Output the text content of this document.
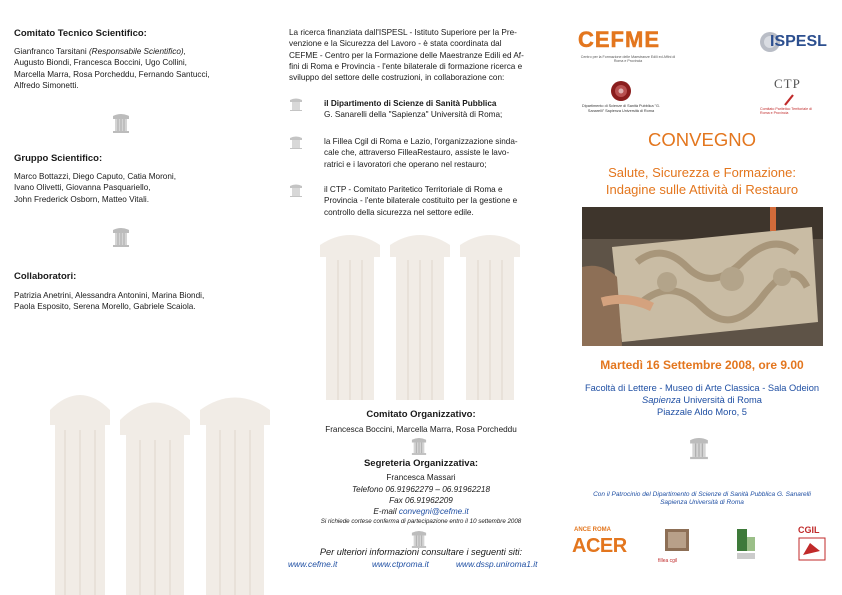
Comitato Tecnico Scientifico:
Gianfranco Tarsitani (Responsabile Scientifico),
Augusto Biondi, Francesca Boccini, Ugo Collini,
Marcella Marra, Rosa Porcheddu, Fernando Santucci,
Alfredo Simonetti.
Gruppo Scientifico:
Marco Bottazzi, Diego Caputo, Catia Moroni,
Ivano Olivetti, Giovanna Pasquariello,
John Frederick Osborn, Matteo Vitali.
Collaboratori:
Patrizia Anetrini, Alessandra Antonini, Marina Biondi,
Paola Esposito, Serena Morello, Gabriele Scaiola.
La ricerca finanziata dall'ISPESL - Istituto Superiore per la Pre-
venzione e la Sicurezza del Lavoro - è stata coordinata dal
CEFME - Centro per la Formazione delle Maestranze Edili ed Af-
fini di Roma e Provincia - l'ente bilaterale di formazione ricerca e
sviluppo del settore delle costruzioni, in collaborazione con:
il Dipartimento di Scienze di Sanità Pubblica
G. Sanarelli della "Sapienza" Università di Roma;
la Fillea Cgil di Roma e Lazio, l'organizzazione sinda-
cale che, attraverso FilleaRestauro, assiste le lavo-
ratrici e i lavoratori che operano nel restauro;
il CTP - Comitato Paritetico Territoriale di Roma e
Provincia - l'ente bilaterale costituito per la gestione e
controllo della sicurezza nel settore edile.
Comitato Organizzativo:
Francesca Boccini, Marcella Marra, Rosa Porcheddu
Segreteria Organizzativa:
Francesca Massari
Telefono 06.91962279 – 06.91962218
Fax 06.91962209
E-mail convegni@cefme.it
Si richiede cortese conferma di partecipazione entro il 10 settembre 2008
Per ulteriori informazioni consultare i seguenti siti:
www.cefme.it	www.ctproma.it	www.dssp.uniroma1.it
CEFME
Centro per la Formazione delle Maestranze Edili ed Affini di Roma e Provincia
ISPESL
Dipartimento di Scienze di Sanità Pubblica "G. Sanarelli" Sapienza Università di Roma
CTP
Comitato Paritetico Territoriale di Roma e Provincia
CONVEGNO
Salute, Sicurezza e Formazione:
Indagine sulle Attività di Restauro
Martedì 16 Settembre 2008, ore 9.00
Facoltà di Lettere - Museo di Arte Classica - Sala Odeion
Sapienza Università di Roma
Piazzale Aldo Moro, 5
Con il Patrocinio del Dipartimento di Scienze di Sanità Pubblica G. Sanarelli
Sapienza Università di Roma
ANCE ROMA
ACER
fillea cgil
CGIL
